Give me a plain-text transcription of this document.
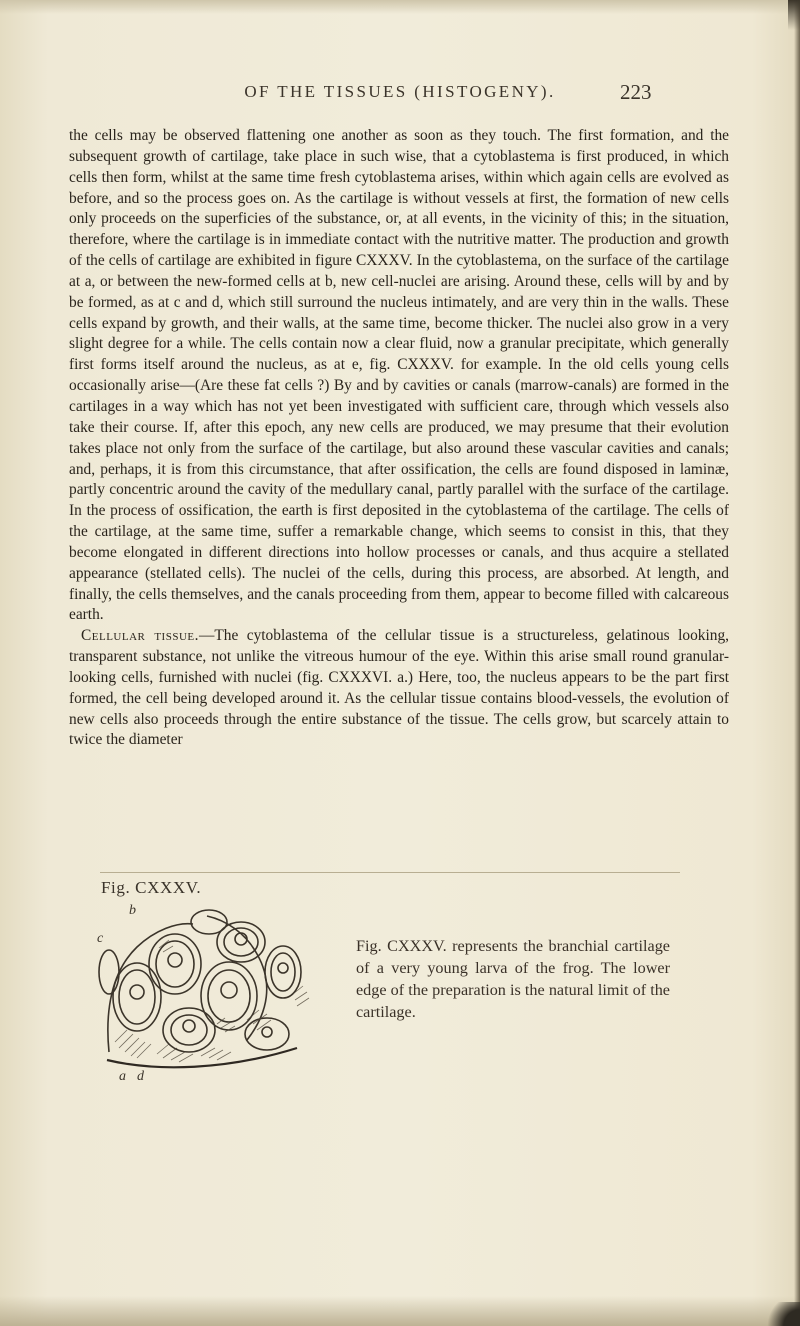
OF THE TISSUES (HISTOGENY).	223

the cells may be observed flattening one another as soon as they touch. The first formation, and the subsequent growth of cartilage, take place in such wise, that a cytoblastema is first produced, in which cells then form, whilst at the same time fresh cytoblastema arises, within which again cells are evolved as before, and so the process goes on. As the cartilage is without vessels at first, the formation of new cells only proceeds on the superficies of the substance, or, at all events, in the vicinity of this; in the situation, therefore, where the cartilage is in immediate contact with the nutritive matter. The production and growth of the cells of cartilage are exhibited in figure CXXXV. In the cytoblastema, on the surface of the cartilage at a, or between the new-formed cells at b, new cell-nuclei are arising. Around these, cells will by and by be formed, as at c and d, which still surround the nucleus intimately, and are very thin in the walls. These cells expand by growth, and their walls, at the same time, become thicker. The nuclei also grow in a very slight degree for a while. The cells contain now a clear fluid, now a granular precipitate, which generally first forms itself around the nucleus, as at e, fig. CXXXV. for example. In the old cells young cells occasionally arise—(Are these fat cells ?) By and by cavities or canals (marrow-canals) are formed in the cartilages in a way which has not yet been investigated with sufficient care, through which vessels also take their course. If, after this epoch, any new cells are produced, we may presume that their evolution takes place not only from the surface of the cartilage, but also around these vascular cavities and canals; and, perhaps, it is from this circumstance, that after ossification, the cells are found disposed in laminæ, partly concentric around the cavity of the medullary canal, partly parallel with the surface of the cartilage. In the process of ossification, the earth is first deposited in the cytoblastema of the cartilage. The cells of the cartilage, at the same time, suffer a remarkable change, which seems to consist in this, that they become elongated in different directions into hollow processes or canals, and thus acquire a stellated appearance (stellated cells). The nuclei of the cells, during this process, are absorbed. At length, and finally, the cells themselves, and the canals proceeding from them, appear to become filled with calcareous earth.

Cellular tissue.—The cytoblastema of the cellular tissue is a structureless, gelatinous looking, transparent substance, not unlike the vitreous humour of the eye. Within this arise small round granular-looking cells, furnished with nuclei (fig. CXXXVI. a.) Here, too, the nucleus appears to be the part first formed, the cell being developed around it. As the cellular tissue contains blood-vessels, the evolution of new cells also proceeds through the entire substance of the tissue. The cells grow, but scarcely attain to twice the diameter

Fig. CXXXV.
b
c
a d
Fig. CXXXV. represents the branchial cartilage of a very young larva of the frog. The lower edge of the preparation is the natural limit of the cartilage.
